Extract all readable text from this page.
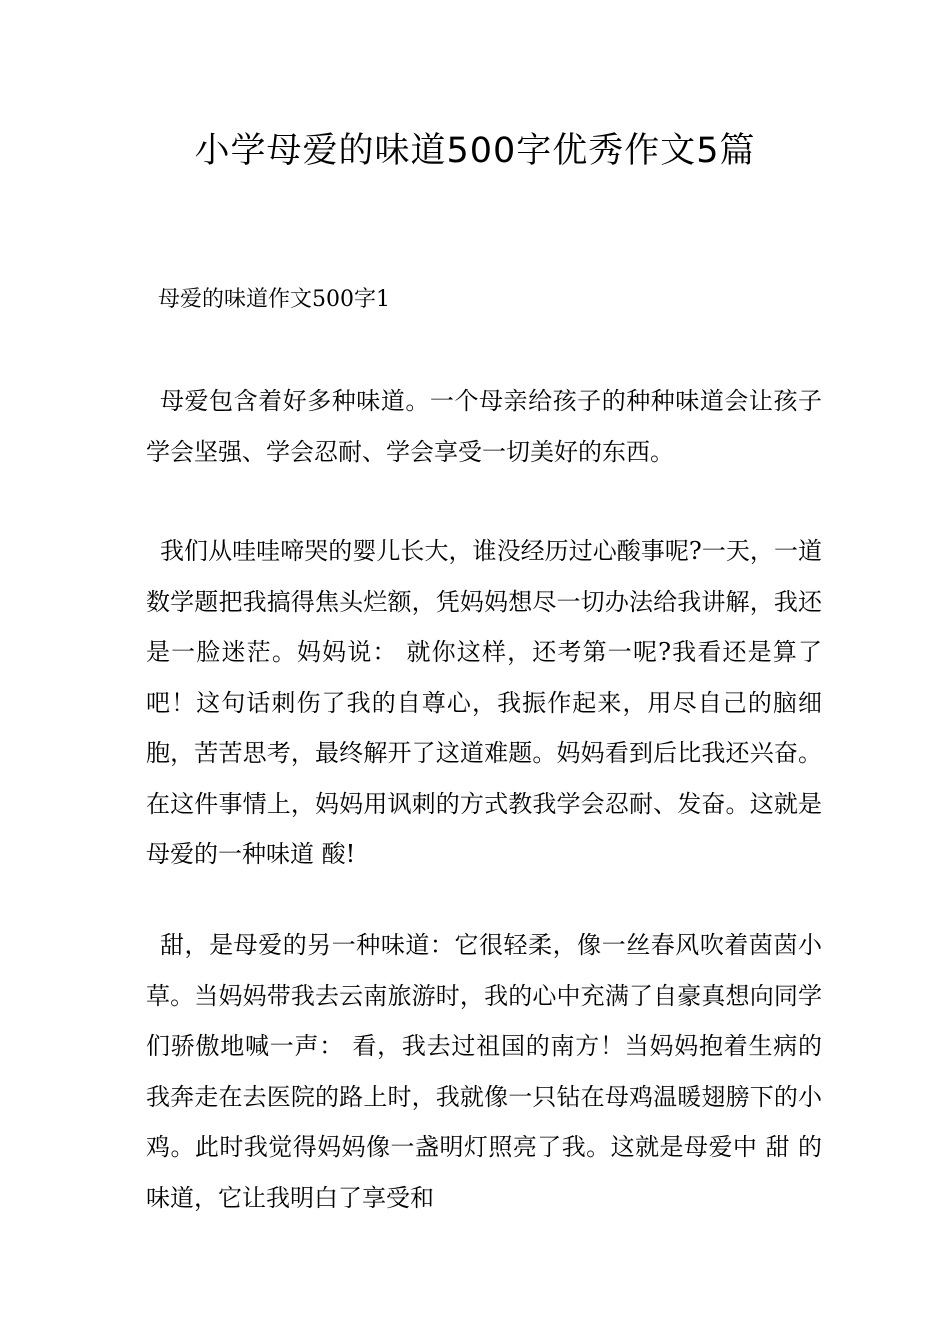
小学母爱的味道500字优秀作文5篇

母爱的味道作文500字1

母爱包含着好多种味道。一个母亲给孩子的种种味道会让孩子学会坚强、学会忍耐、学会享受一切美好的东西。

我们从哇哇啼哭的婴儿长大，谁没经历过心酸事呢?一天，一道数学题把我搞得焦头烂额，凭妈妈想尽一切办法给我讲解，我还是一脸迷茫。妈妈说： 就你这样，还考第一呢?我看还是算了吧！这句话刺伤了我的自尊心，我振作起来，用尽自己的脑细胞，苦苦思考，最终解开了这道难题。妈妈看到后比我还兴奋。在这件事情上，妈妈用讽刺的方式教我学会忍耐、发奋。这就是母爱的一种味道 酸!

甜，是母爱的另一种味道：它很轻柔，像一丝春风吹着茵茵小草。当妈妈带我去云南旅游时，我的心中充满了自豪真想向同学们骄傲地喊一声： 看，我去过祖国的南方！当妈妈抱着生病的我奔走在去医院的路上时，我就像一只钻在母鸡温暖翅膀下的小鸡。此时我觉得妈妈像一盏明灯照亮了我。这就是母爱中 甜 的味道，它让我明白了享受和
